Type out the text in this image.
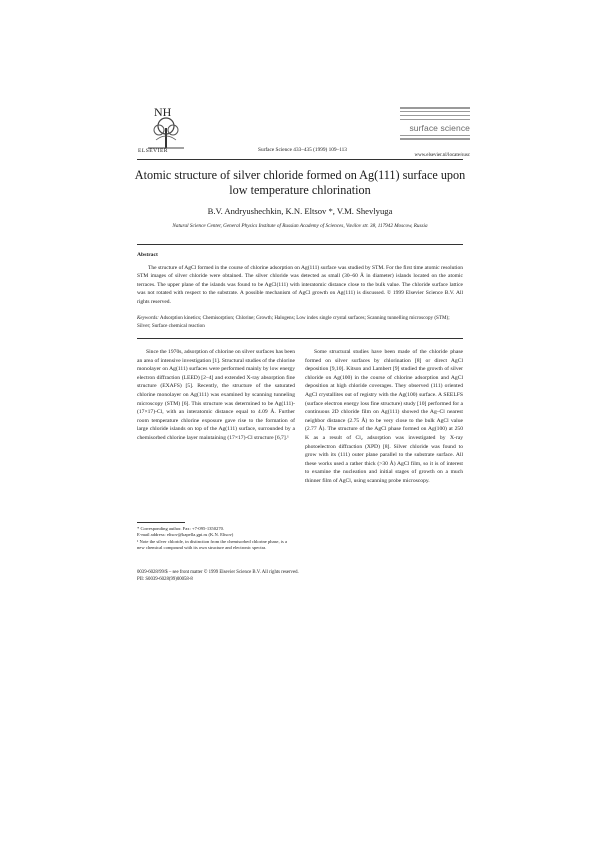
NH
ELSEVIER	Surface Science 433–435 (1999) 109–113
surface science
www.elsevier.nl/locate/susc
Atomic structure of silver chloride formed on Ag(111) surface upon low temperature chlorination
B.V. Andryushechkin, K.N. Eltsov *, V.M. Shevlyuga
Natural Science Center, General Physics Institute of Russian Academy of Sciences, Vavilov str. 38, 117942 Moscow, Russia
Abstract
The structure of AgCl formed in the course of chlorine adsorption on Ag(111) surface was studied by STM. For the first time atomic resolution STM images of silver chloride were obtained. The silver chloride was detected as small (30–60 Å in diameter) islands located on the atomic terraces. The upper plane of the islands was found to be AgCl(111) with interatomic distance close to the bulk value. The chloride surface lattice was not rotated with respect to the substrate. A possible mechanism of AgCl growth on Ag(111) is discussed. © 1999 Elsevier Science B.V. All rights reserved.
Keywords: Adsorption kinetics; Chemisorption; Chlorine; Growth; Halogens; Low index single crystal surfaces; Scanning tunnelling microscopy (STM); Silver; Surface chemical reaction
Since the 1970s, adsorption of chlorine on silver surfaces has been an area of intensive investigation [1]. Structural studies of the chlorine monolayer on Ag(111) surfaces were performed mainly by low energy electron diffraction (LEED) [2–4] and extended X-ray absorption fine structure (EXAFS) [5]. Recently, the structure of the saturated chlorine monolayer on Ag(111) was examined by scanning tunneling microscopy (STM) [6]. This structure was determined to be Ag(111)-(17×17)-Cl, with an interatomic distance equal to 4.09 Å. Further room temperature chlorine exposure gave rise to the formation of large chloride islands on top of the Ag(111) surface, surrounded by a chemisorbed chlorine layer maintaining (17×17)-Cl structure [6,7].¹
Some structural studies have been made of the chloride phase formed on silver surfaces by chlorination [8] or direct AgCl deposition [9,10]. Kitson and Lambert [9] studied the growth of silver chloride on Ag(100) in the course of chlorine adsorption and AgCl deposition at high chloride coverages. They observed (111) oriented AgCl crystallites out of registry with the Ag(100) surface. A SEELFS (surface electron energy loss fine structure) study [10] performed for a continuous 2D chloride film on Ag(111) showed the Ag–Cl nearest neighbor distance (2.75 Å) to be very close to the bulk AgCl value (2.77 Å). The structure of the AgCl phase formed on Ag(100) at 250 K as a result of Cl₂ adsorption was investigated by X-ray photoelectron diffraction (XPD) [8]. Silver chloride was found to grow with its (111) outer plane parallel to the substrate surface. All these works used a rather thick (>30 Å) AgCl film, so it is of interest to examine the nucleation and initial stages of growth on a much thinner film of AgCl, using scanning probe microscopy.
* Corresponding author. Fax: +7-095-1350270.
E-mail address: eltsov@kapella.gpi.ru (K.N. Eltsov)
¹ Note the silver chloride, in distinction from the chemisorbed chlorine phase, is a new chemical compound with its own structure and electronic spectra.
0039-6028/99/$ – see front matter © 1999 Elsevier Science B.V. All rights reserved.
PII: S0039-6028(99)00058-8
